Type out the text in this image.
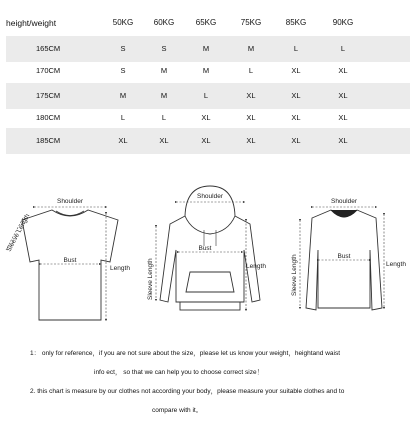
height/weight	50KG	60KG	65KG	75KG	85KG	90KG
165CM	S	S	M	M	L	L
170CM	S	M	M	L	XL	XL
175CM	M	M	L	XL	XL	XL
180CM	L	L	XL	XL	XL	XL
185CM	XL	XL	XL	XL	XL	XL
Shoulder
Bust
Length
Sleeve Length
Shoulder
Bust
Length
Sleeve Length
Shoulder
Bust
Length
Sleeve Length
1： only for reference，if you are not sure about the size，please let us know your weight，heightand waist
info ect， so that we can help you to choose correct size！
2. this chart is measure by our clothes not according your body，please measure your suitable clothes and to
compare with it。
